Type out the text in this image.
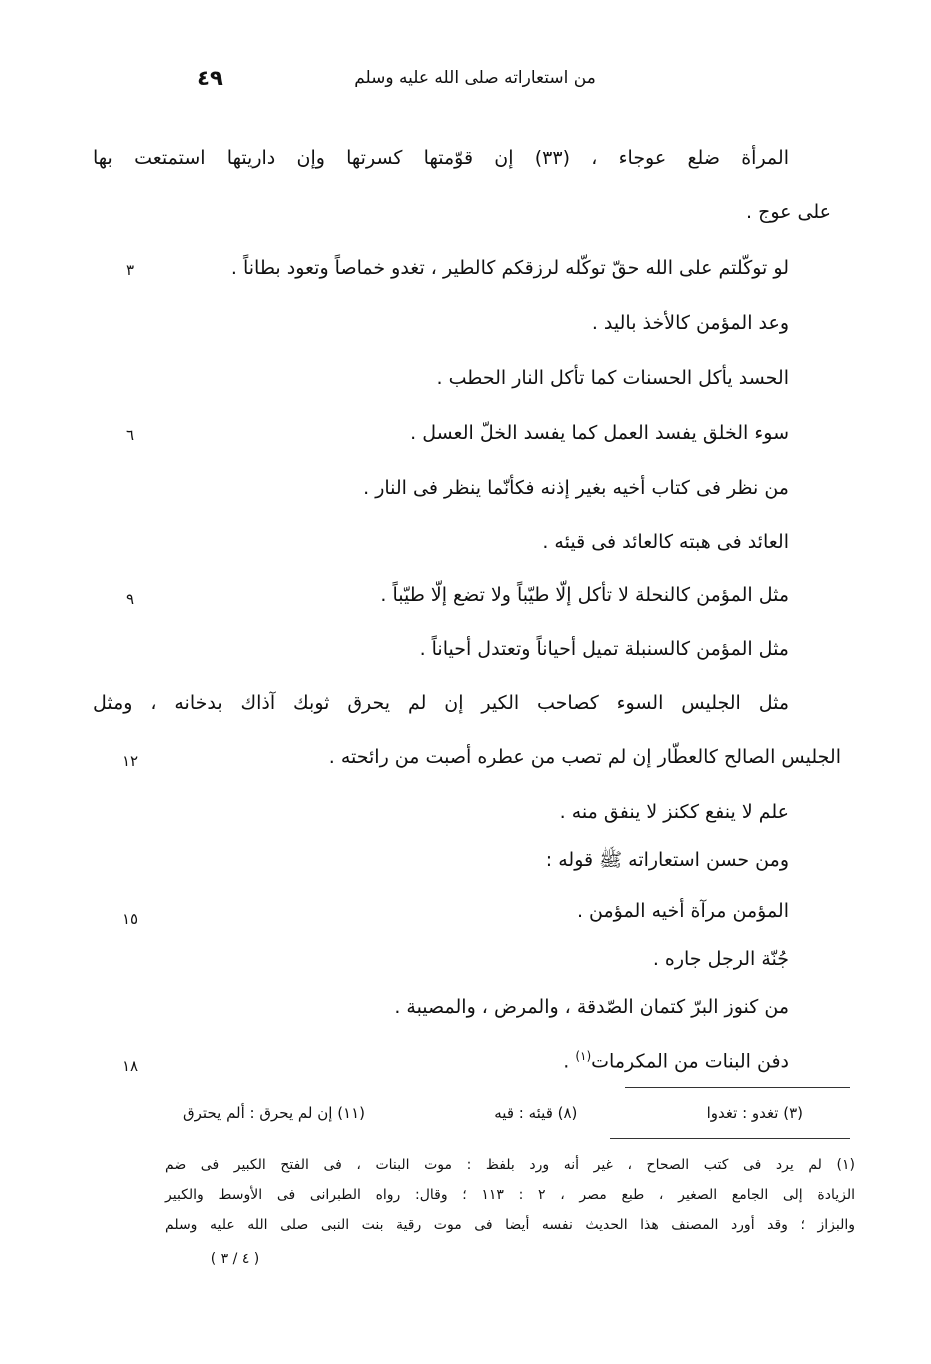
من استعاراته صلى الله عليه وسلم
٤٩
المرأة ضلع عوجاء ، (٣٣) إن قوّمتها كسرتها وإن داريتها استمتعت بها
على عوج .
لو توكّلتم على الله حقّ توكّله لرزقكم كالطير ، تغدو خماصاً وتعود بطاناً .
٣
وعد المؤمن كالأخذ باليد .
الحسد يأكل الحسنات كما تأكل النار الحطب .
سوء الخلق يفسد العمل كما يفسد الخلّ العسل .
٦
من نظر فى كتاب أخيه بغير إذنه فكأنّما ينظر فى النار .
العائد فى هبته كالعائد فى قيئه .
مثل المؤمن كالنحلة لا تأكل إلّا طيّباً ولا تضع إلّا طيّباً .
٩
مثل المؤمن كالسنبلة تميل أحياناً وتعتدل أحياناً .
مثل الجليس السوء كصاحب الكير إن لم يحرق ثوبك آذاك بدخانه ، ومثل
الجليس الصالح كالعطّار إن لم تصب من عطره أصبت من رائحته .
١٢
علم لا ينفع ككنز لا ينفق منه .
ومن حسن استعاراته ﷺ قوله :
المؤمن مرآة أخيه المؤمن .
١٥
جُنّة الرجل جاره .
من كنوز البرّ كتمان الصّدقة ، والمرض ، والمصيبة .
دفن البنات من المكرمات$^{(١)}$ .
١٨
(٣) تغدو : تغدوا
(٨) قيئه : قيه
(١١) إن لم يحرق : ألم يحترق
(١) لم يرد فى كتب الصحاح ، غير أنه ورد بلفظ : موت البنات ، فى الفتح الكبير فى ضم
الزيادة إلى الجامع الصغير ، طبع مصر ، ٢ : ١١٣ ؛ وقال: رواه الطبرانى فى الأوسط والكبير
والبزاز ؛ وقد أورد المصنف هذا الحديث نفسه أيضا فى موت رقية بنت النبى صلى الله عليه وسلم
( ٤ / ٣ )
